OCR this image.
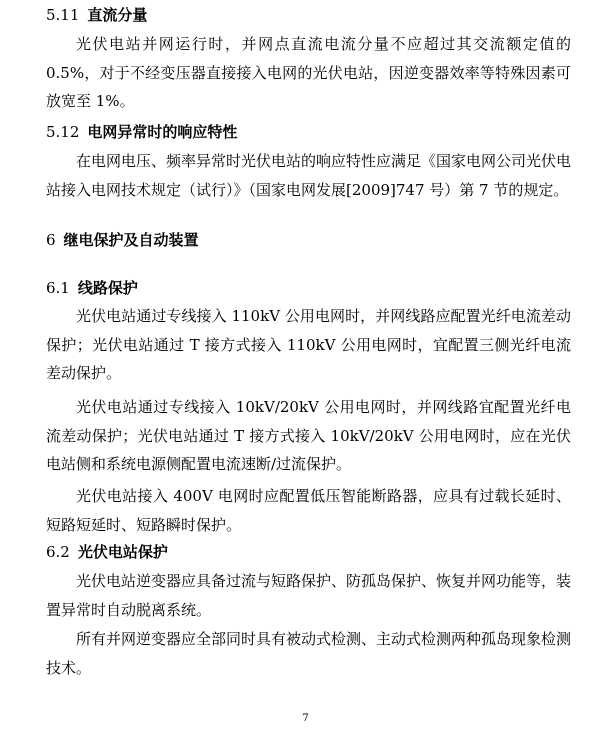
5.11 直流分量
光伏电站并网运行时，并网点直流电流分量不应超过其交流额定值的0.5%，对于不经变压器直接接入电网的光伏电站，因逆变器效率等特殊因素可放宽至 1%。
5.12 电网异常时的响应特性
在电网电压、频率异常时光伏电站的响应特性应满足《国家电网公司光伏电站接入电网技术规定（试行）》（国家电网发展[2009]747 号）第 7 节的规定。
6 继电保护及自动装置
6.1 线路保护
光伏电站通过专线接入 110kV 公用电网时，并网线路应配置光纤电流差动保护；光伏电站通过 T 接方式接入 110kV 公用电网时，宜配置三侧光纤电流差动保护。
光伏电站通过专线接入 10kV/20kV 公用电网时，并网线路宜配置光纤电流差动保护；光伏电站通过 T 接方式接入 10kV/20kV 公用电网时，应在光伏电站侧和系统电源侧配置电流速断/过流保护。
光伏电站接入 400V 电网时应配置低压智能断路器，应具有过载长延时、短路短延时、短路瞬时保护。
6.2 光伏电站保护
光伏电站逆变器应具备过流与短路保护、防孤岛保护、恢复并网功能等，装置异常时自动脱离系统。
所有并网逆变器应全部同时具有被动式检测、主动式检测两种孤岛现象检测技术。
7
